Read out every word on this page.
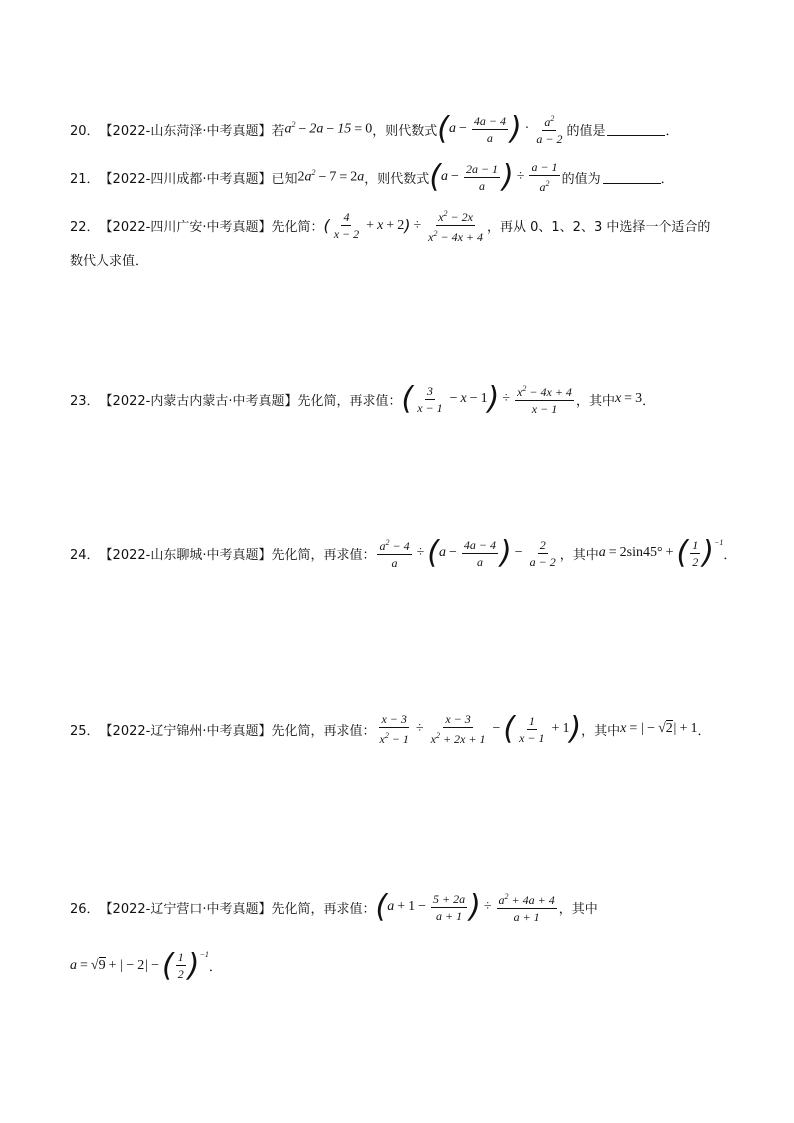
20． 【2022-山东菏泽·中考真题】 若 $a^2 - 2a - 15 = 0$ ，则代数式 ( $a - \frac{4a - 4}{a}$ ) · $\frac{a^2}{a - 2}$ 的值是	．
21． 【2022-四川成都·中考真题】 已知 $2a^2 - 7 = 2a$ ，则代数式 ( $a - \frac{2a - 1}{a}$ ) ÷ $\frac{a - 1}{a^2}$ 的值为	．
22． 【2022-四川广安·中考真题】 先化简： ( $\frac{4}{x - 2} + x + 2$ ) ÷ $\frac{x^2 - 2x}{x^2 - 4x + 4}$ ，再从 0、1、2、3 中选择一个适合的
数代人求值．
23． 【2022-内蒙古内蒙古·中考真题】 先化简，再求值： ( $\frac{3}{x - 1} - x - 1$ ) ÷ $\frac{x^2 - 4x + 4}{x - 1}$ ，其中 x = 3 ．
24． 【2022-山东聊城·中考真题】 先化简，再求值： $\frac{a^2 - 4}{a}$ ÷ ( $a - \frac{4a - 4}{a}$ ) − $\frac{2}{a - 2}$ ，其中 a = 2sin45° + ( $\frac{1}{2} )^{-1}$
．
25． 【2022-辽宁锦州·中考真题】 先化简，再求值： $\frac{x - 3}{x^2 - 1} \div \frac{x - 3}{x^2 + 2x + 1}$ − ( $\frac{1}{x - 1} + 1$ ) ，其中 x = | − √2| + 1 ．
26． 【2022-辽宁营口·中考真题】 先化简，再求值： ( $a + 1 - \frac{5 + 2a}{a + 1}$ ) ÷ $\frac{a^2 + 4a + 4}{a + 1}$ ，其中
a = √ 9 + | − 2 | − ( $\frac{1}{2} )^{-1}$
．
